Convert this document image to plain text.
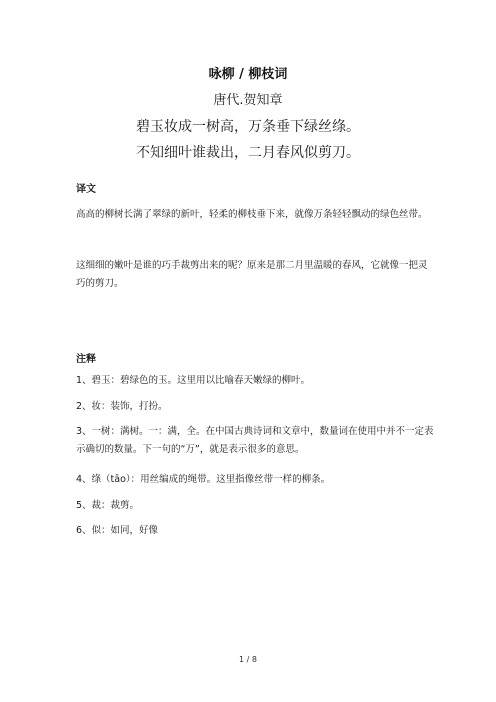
咏柳 / 柳枝词
唐代.贺知章
碧玉妆成一树高，万条垂下绿丝绦。
不知细叶谁裁出，二月春风似剪刀。
译文
高高的柳树长满了翠绿的新叶，轻柔的柳枝垂下来，就像万条轻轻飘动的绿色丝带。
这细细的嫩叶是谁的巧手裁剪出来的呢？原来是那二月里温暖的春风，它就像一把灵巧的剪刀。
注释
1、碧玉：碧绿色的玉。这里用以比喻春天嫩绿的柳叶。
2、妆：装饰，打扮。
3、一树：满树。一：满，全。在中国古典诗词和文章中，数量词在使用中并不一定表示确切的数量。下一句的“万”，就是表示很多的意思。
4、绦（tāo）：用丝编成的绳带。这里指像丝带一样的柳条。
5、裁：裁剪。
6、似：如同，好像
1 / 8
